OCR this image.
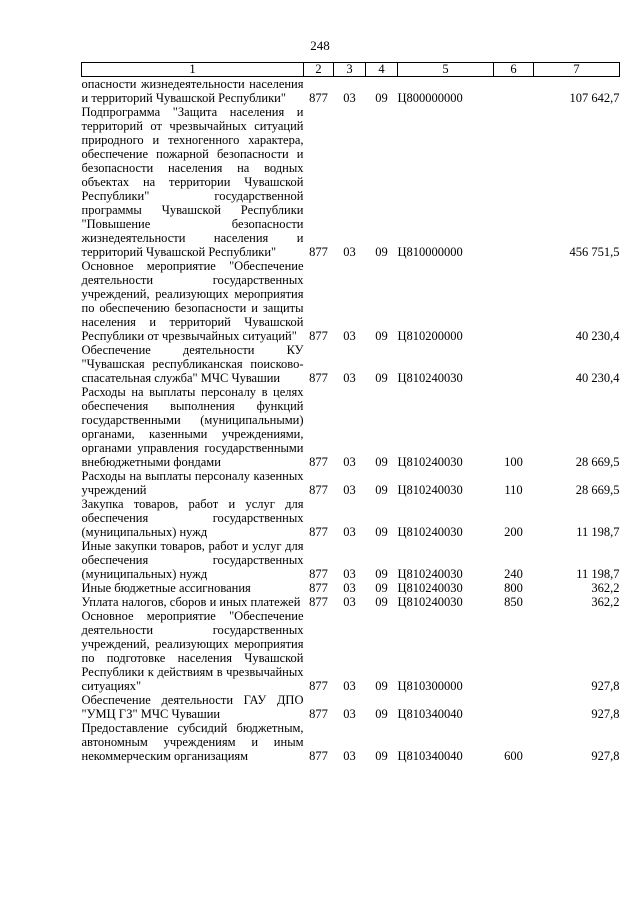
248
1	2	3	4	5	6	7
опасности жизнедеятельности населения и территорий Чувашской Республики"	877	03	09	Ц800000000		107 642,7
Подпрограмма "Защита населения и территорий от чрезвычайных ситуаций природного и техногенного характера, обеспечение пожарной безопасности и безопасности населения на водных объектах на территории Чувашской Республики" государственной программы Чувашской Республики "Повышение безопасности жизнедеятельности населения и территорий Чувашской Республики"	877	03	09	Ц810000000		456 751,5
Основное мероприятие "Обеспечение деятельности государственных учреждений, реализующих мероприятия по обеспечению безопасности и защиты населения и территорий Чувашской Республики от чрезвычайных ситуаций"	877	03	09	Ц810200000		40 230,4
Обеспечение деятельности КУ "Чувашская республиканская поисково-спасательная служба" МЧС Чувашии	877	03	09	Ц810240030		40 230,4
Расходы на выплаты персоналу в целях обеспечения выполнения функций государственными (муниципальными) органами, казенными учреждениями, органами управления государственными внебюджетными фондами	877	03	09	Ц810240030	100	28 669,5
Расходы на выплаты персоналу казенных учреждений	877	03	09	Ц810240030	110	28 669,5
Закупка товаров, работ и услуг для обеспечения государственных (муниципальных) нужд	877	03	09	Ц810240030	200	11 198,7
Иные закупки товаров, работ и услуг для обеспечения государственных (муниципальных) нужд	877	03	09	Ц810240030	240	11 198,7
Иные бюджетные ассигнования	877	03	09	Ц810240030	800	362,2
Уплата налогов, сборов и иных платежей	877	03	09	Ц810240030	850	362,2
Основное мероприятие "Обеспечение деятельности государственных учреждений, реализующих мероприятия по подготовке населения Чувашской Республики к действиям в чрезвычайных ситуациях"	877	03	09	Ц810300000		927,8
Обеспечение деятельности ГАУ ДПО "УМЦ ГЗ" МЧС Чувашии	877	03	09	Ц810340040		927,8
Предоставление субсидий бюджетным, автономным учреждениям и иным некоммерческим организациям	877	03	09	Ц810340040	600	927,8
